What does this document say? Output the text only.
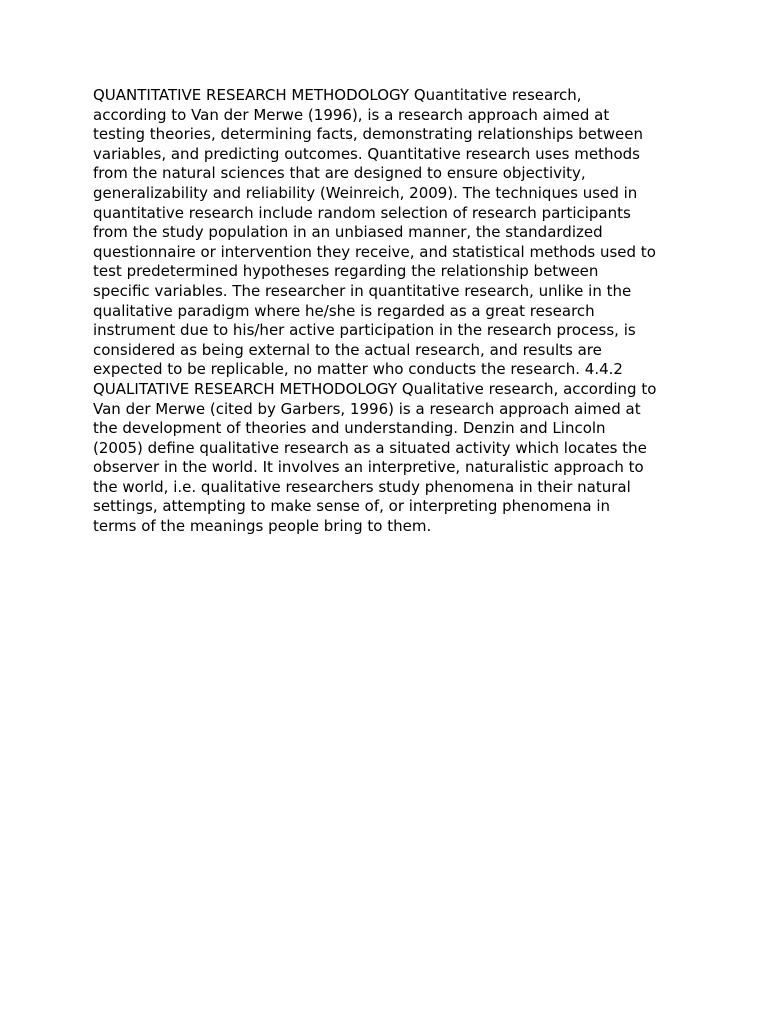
QUANTITATIVE RESEARCH METHODOLOGY Quantitative research,
according to Van der Merwe (1996), is a research approach aimed at
testing theories, determining facts, demonstrating relationships between
variables, and predicting outcomes. Quantitative research uses methods
from the natural sciences that are designed to ensure objectivity,
generalizability and reliability (Weinreich, 2009). The techniques used in
quantitative research include random selection of research participants
from the study population in an unbiased manner, the standardized
questionnaire or intervention they receive, and statistical methods used to
test predetermined hypotheses regarding the relationship between
specific variables. The researcher in quantitative research, unlike in the
qualitative paradigm where he/she is regarded as a great research
instrument due to his/her active participation in the research process, is
considered as being external to the actual research, and results are
expected to be replicable, no matter who conducts the research. 4.4.2
QUALITATIVE RESEARCH METHODOLOGY Qualitative research, according to
Van der Merwe (cited by Garbers, 1996) is a research approach aimed at
the development of theories and understanding. Denzin and Lincoln
(2005) define qualitative research as a situated activity which locates the
observer in the world. It involves an interpretive, naturalistic approach to
the world, i.e. qualitative researchers study phenomena in their natural
settings, attempting to make sense of, or interpreting phenomena in
terms of the meanings people bring to them.
